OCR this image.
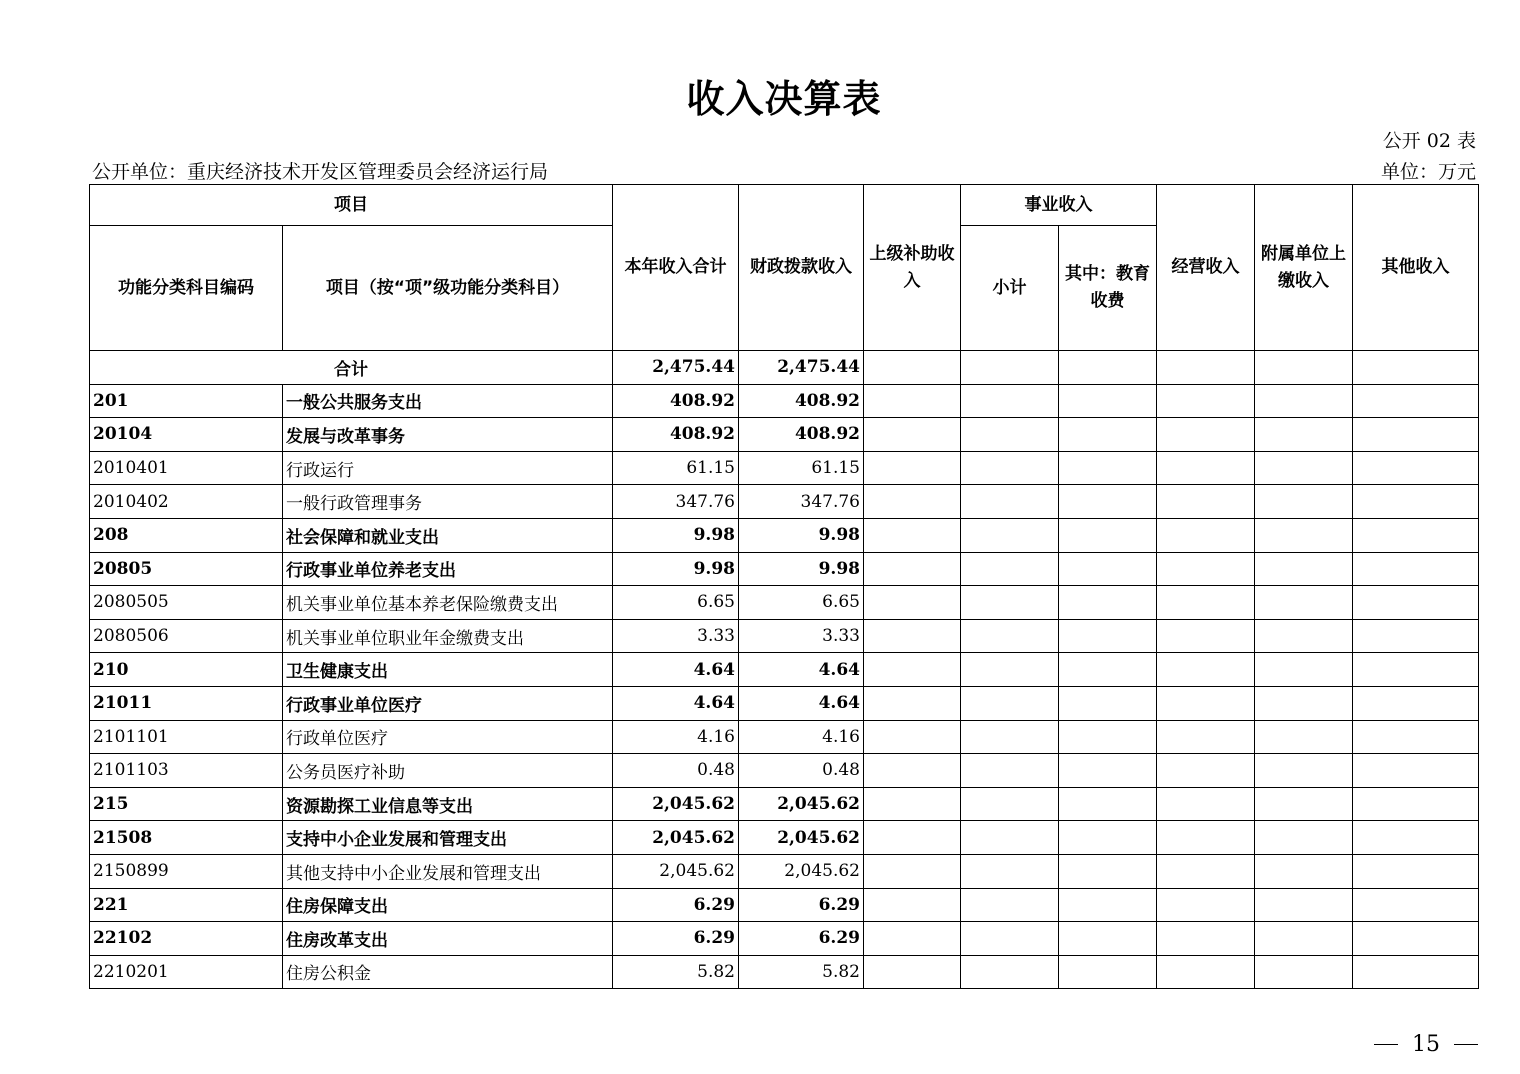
收入决算表
公开 02 表
公开单位：重庆经济技术开发区管理委员会经济运行局	单位：万元
项目		本年收入合计	财政拨款收入	上级补助收入	事业收入		经营收入	附属单位上缴收入	其他收入
功能分类科目编码	项目（按“项”级功能分类科目）				小计	其中：教育收费			
合计		2,475.44	2,475.44						
201	一般公共服务支出	408.92	408.92						
20104	发展与改革事务	408.92	408.92						
2010401	行政运行	61.15	61.15						
2010402	一般行政管理事务	347.76	347.76						
208	社会保障和就业支出	9.98	9.98						
20805	行政事业单位养老支出	9.98	9.98						
2080505	机关事业单位基本养老保险缴费支出	6.65	6.65						
2080506	机关事业单位职业年金缴费支出	3.33	3.33						
210	卫生健康支出	4.64	4.64						
21011	行政事业单位医疗	4.64	4.64						
2101101	行政单位医疗	4.16	4.16						
2101103	公务员医疗补助	0.48	0.48						
215	资源勘探工业信息等支出	2,045.62	2,045.62						
21508	支持中小企业发展和管理支出	2,045.62	2,045.62						
2150899	其他支持中小企业发展和管理支出	2,045.62	2,045.62						
221	住房保障支出	6.29	6.29						
22102	住房改革支出	6.29	6.29						
2210201	住房公积金	5.82	5.82						
15
